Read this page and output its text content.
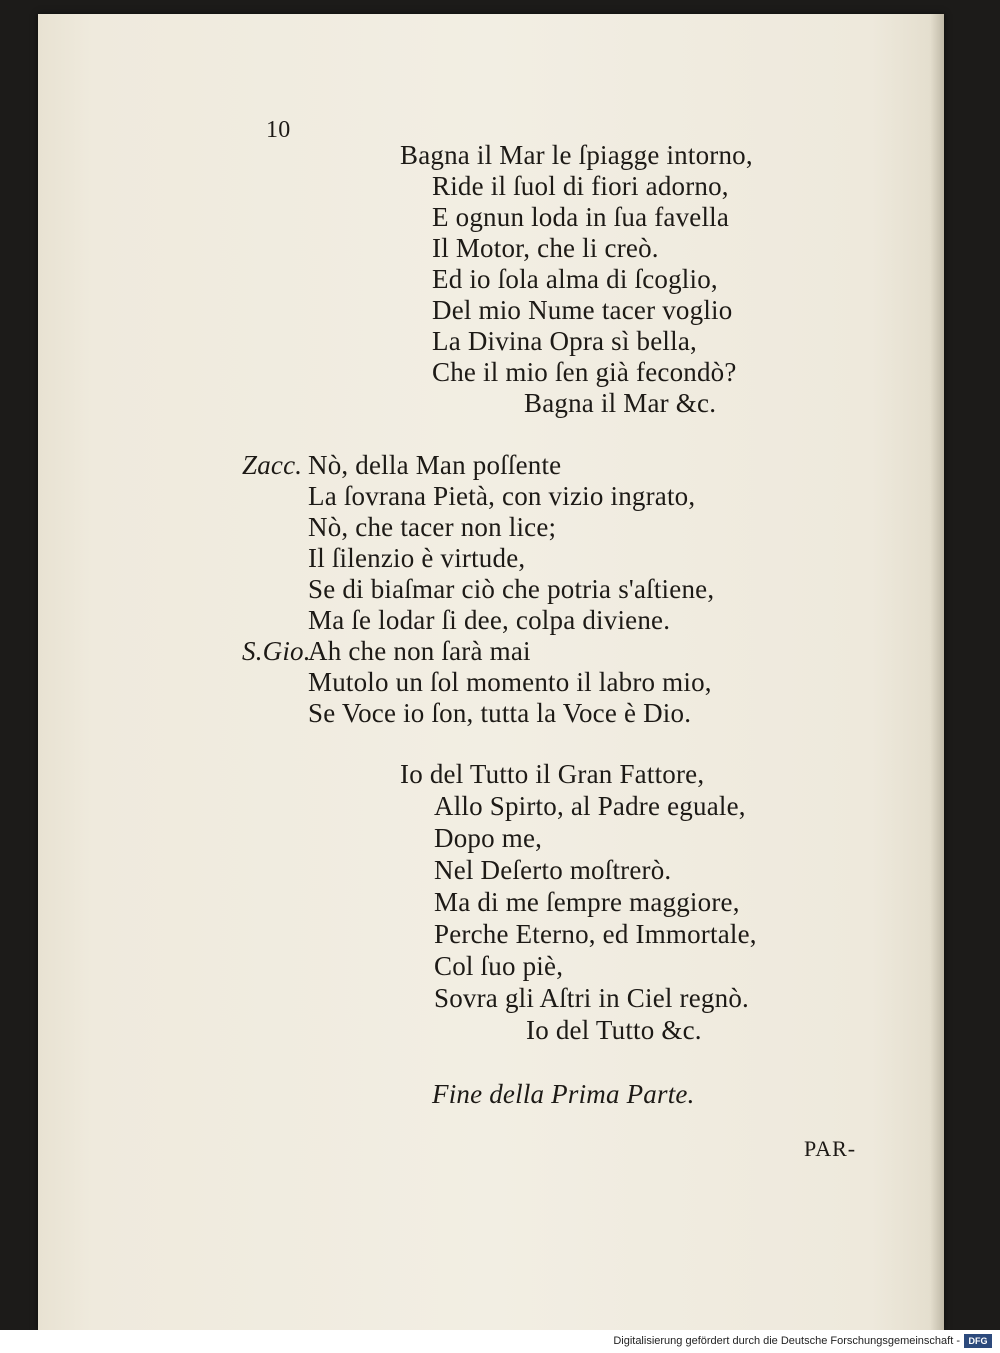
10
Bagna il Mar le ſpiagge intorno,
Ride il ſuol di fiori adorno,
E ognun loda in ſua favella
Il Motor, che li creò.
Ed io ſola alma di ſcoglio,
Del mio Nume tacer voglio
La Divina Opra sì bella,
Che il mio ſen già fecondò?
Bagna il Mar &c.
Zacc. Nò, della Man poſſente
La ſovrana Pietà, con vizio ingrato,
Nò, che tacer non lice;
Il ſilenzio è virtude,
Se di biaſmar ciò che potria s'aſtiene,
Ma ſe lodar ſi dee, colpa diviene.
S.Gio.
Ah che non ſarà mai
Mutolo un ſol momento il labro mio,
Se Voce io ſon, tutta la Voce è Dio.
Io del Tutto il Gran Fattore,
Allo Spirto, al Padre eguale,
Dopo me,
Nel Deſerto moſtrerò.
Ma di me ſempre maggiore,
Perche Eterno, ed Immortale,
Col ſuo piè,
Sovra gli Aſtri in Ciel regnò.
Io del Tutto &c.
Fine della Prima Parte.
PAR-
Digitalisierung gefördert durch die Deutsche Forschungsgemeinschaft - DFG
